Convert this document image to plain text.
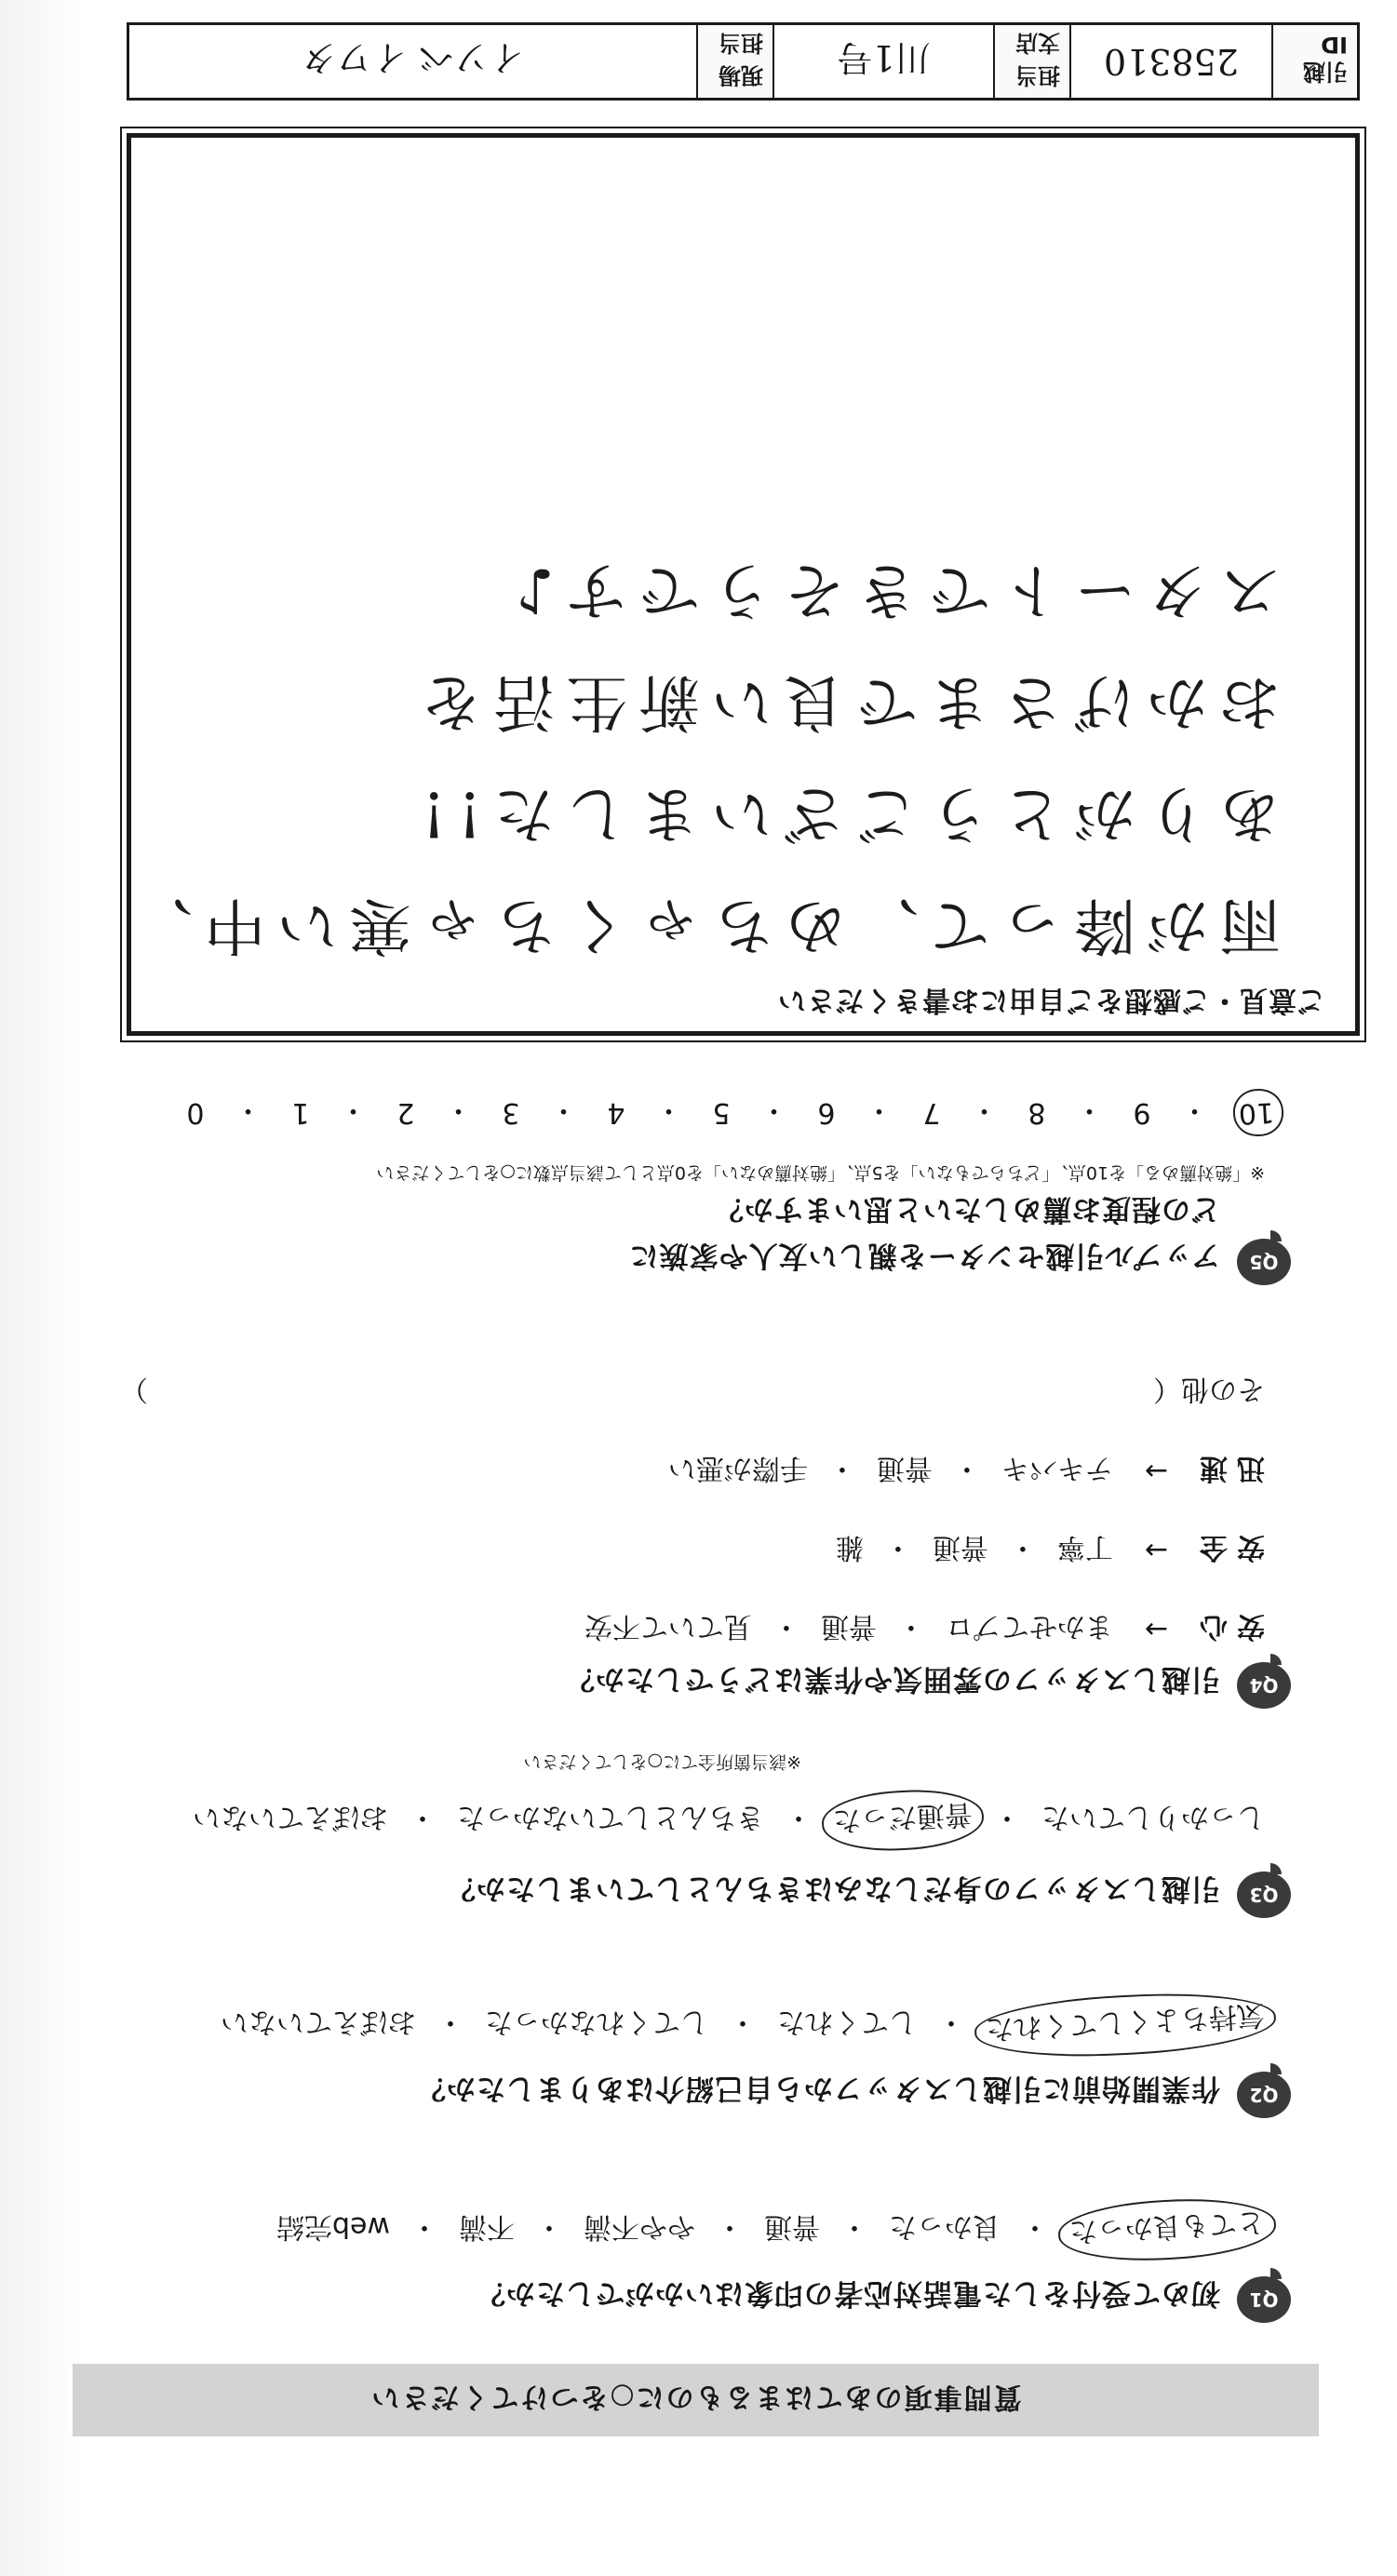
質問事項のあてはまるものに○をつけてください
Q1
初めて受付をした電話対応者の印象はいかがでしたか？
とても良かった
・
良かった
・
普通
・
やや不満
・
不満
・
web完結
Q2
作業開始前に引越しスタッフから自己紹介はありましたか？
気持ちよくしてくれた
・
してくれた
・
してくれなかった
・
おぼえていない
Q3
引越しスタッフの身だしなみはきちんとしていましたか？
しっかりしていた
・
普通だった
・
きちんとしていなかった
・
おぼえていない
Q4
引越しスタッフの雰囲気や作業はどうでしたか？
※該当箇所全てに○をしてください
安心
→
まかせてプロ
・
普通
・
見ていて不安
安全
→
丁寧
・
普通
・
雑
迅速
→
テキパキ
・
普通
・
手際が悪い
その他（
）
Q5
アップル引越センターを親しい友人や家族に
どの程度お薦めしたいと思いますか？
※「絶対薦める」を10点、「どちらでもない」を5点、「絶対薦めない」を0点として該当点数に○をしてください
10
・
9
・
8
・
7
・
6
・
5
・
4
・
3
・
2
・
1
・
0
ご意見・ご感想をご自由にお書きください
雨が降って、めちゃくちゃ寒い中、
ありがとうございました!!
おかげさまで良い新生活を
スタートできそうです♪
引越ID
258310
担当支店
川1号
現場担当
イソベ イワタ
